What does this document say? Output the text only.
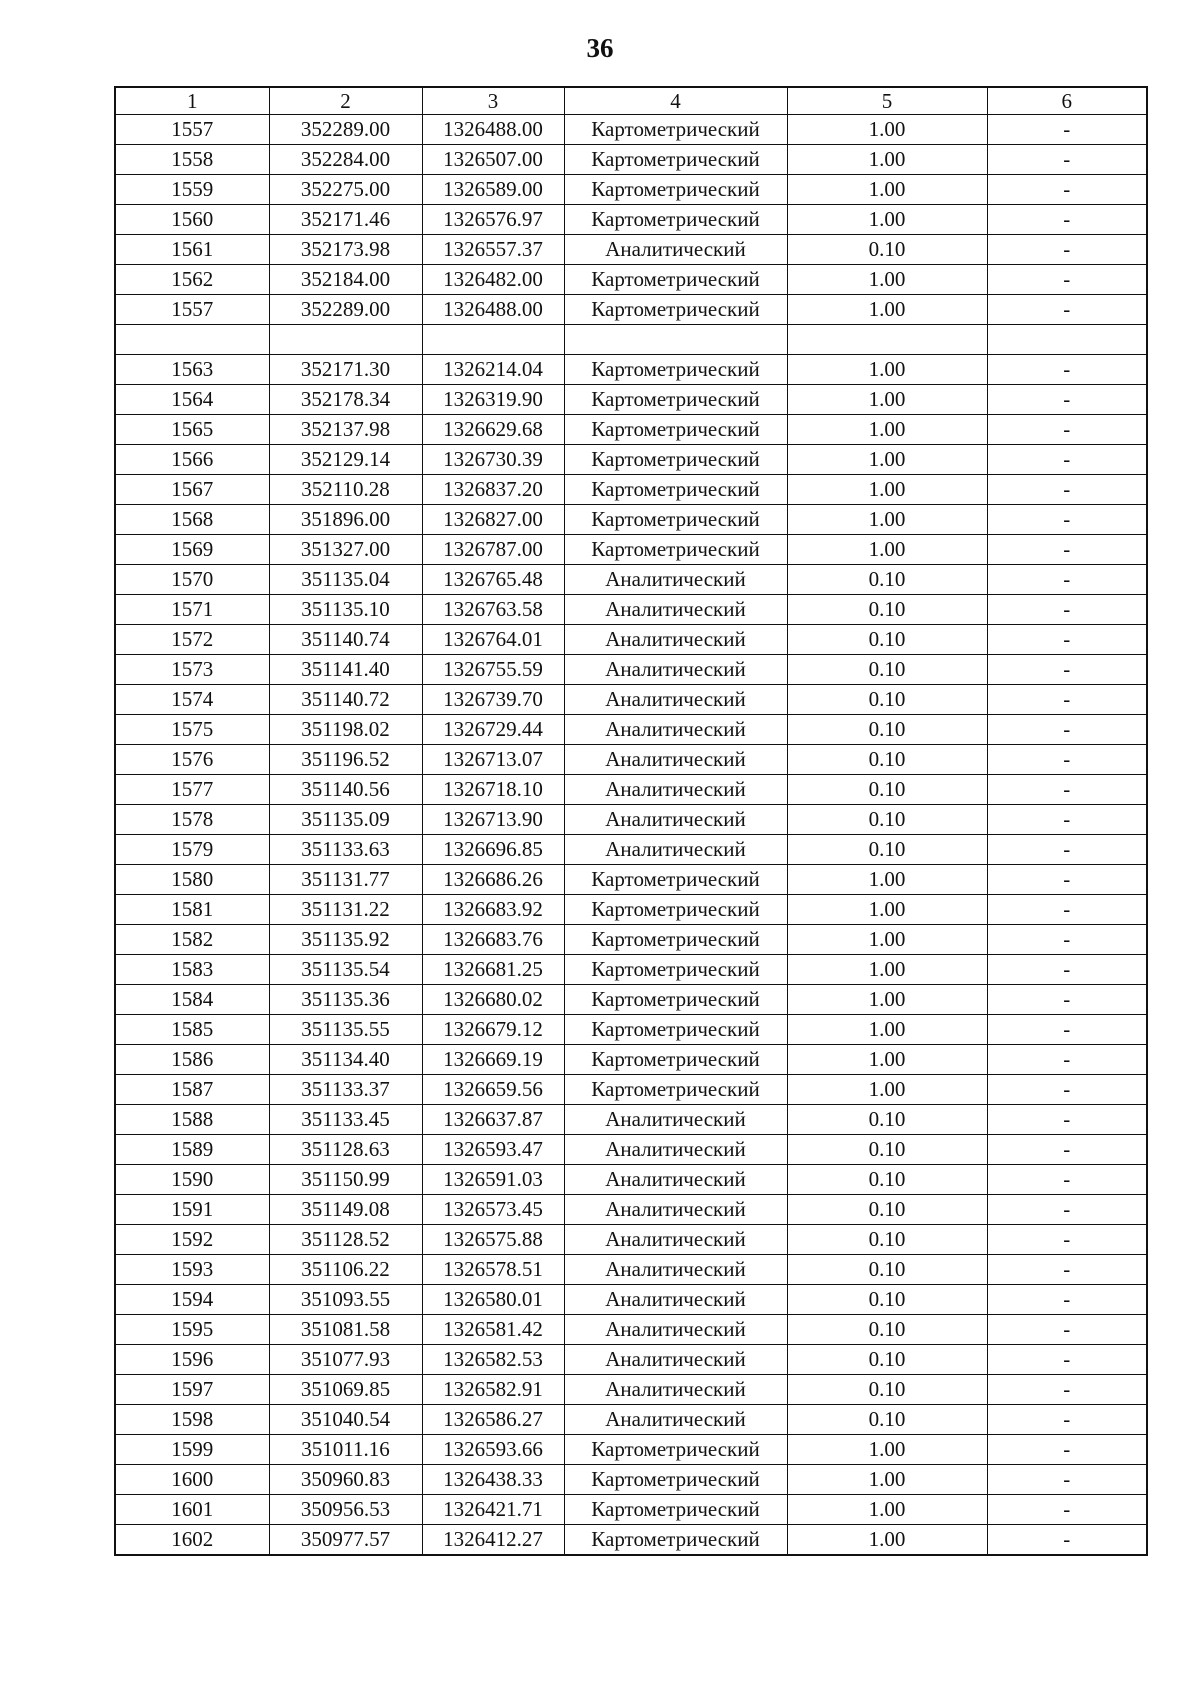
36
1	2	3	4	5	6
1557	352289.00	1326488.00	Картометрический	1.00	-
1558	352284.00	1326507.00	Картометрический	1.00	-
1559	352275.00	1326589.00	Картометрический	1.00	-
1560	352171.46	1326576.97	Картометрический	1.00	-
1561	352173.98	1326557.37	Аналитический	0.10	-
1562	352184.00	1326482.00	Картометрический	1.00	-
1557	352289.00	1326488.00	Картометрический	1.00	-

1563	352171.30	1326214.04	Картометрический	1.00	-
1564	352178.34	1326319.90	Картометрический	1.00	-
1565	352137.98	1326629.68	Картометрический	1.00	-
1566	352129.14	1326730.39	Картометрический	1.00	-
1567	352110.28	1326837.20	Картометрический	1.00	-
1568	351896.00	1326827.00	Картометрический	1.00	-
1569	351327.00	1326787.00	Картометрический	1.00	-
1570	351135.04	1326765.48	Аналитический	0.10	-
1571	351135.10	1326763.58	Аналитический	0.10	-
1572	351140.74	1326764.01	Аналитический	0.10	-
1573	351141.40	1326755.59	Аналитический	0.10	-
1574	351140.72	1326739.70	Аналитический	0.10	-
1575	351198.02	1326729.44	Аналитический	0.10	-
1576	351196.52	1326713.07	Аналитический	0.10	-
1577	351140.56	1326718.10	Аналитический	0.10	-
1578	351135.09	1326713.90	Аналитический	0.10	-
1579	351133.63	1326696.85	Аналитический	0.10	-
1580	351131.77	1326686.26	Картометрический	1.00	-
1581	351131.22	1326683.92	Картометрический	1.00	-
1582	351135.92	1326683.76	Картометрический	1.00	-
1583	351135.54	1326681.25	Картометрический	1.00	-
1584	351135.36	1326680.02	Картометрический	1.00	-
1585	351135.55	1326679.12	Картометрический	1.00	-
1586	351134.40	1326669.19	Картометрический	1.00	-
1587	351133.37	1326659.56	Картометрический	1.00	-
1588	351133.45	1326637.87	Аналитический	0.10	-
1589	351128.63	1326593.47	Аналитический	0.10	-
1590	351150.99	1326591.03	Аналитический	0.10	-
1591	351149.08	1326573.45	Аналитический	0.10	-
1592	351128.52	1326575.88	Аналитический	0.10	-
1593	351106.22	1326578.51	Аналитический	0.10	-
1594	351093.55	1326580.01	Аналитический	0.10	-
1595	351081.58	1326581.42	Аналитический	0.10	-
1596	351077.93	1326582.53	Аналитический	0.10	-
1597	351069.85	1326582.91	Аналитический	0.10	-
1598	351040.54	1326586.27	Аналитический	0.10	-
1599	351011.16	1326593.66	Картометрический	1.00	-
1600	350960.83	1326438.33	Картометрический	1.00	-
1601	350956.53	1326421.71	Картометрический	1.00	-
1602	350977.57	1326412.27	Картометрический	1.00	-
